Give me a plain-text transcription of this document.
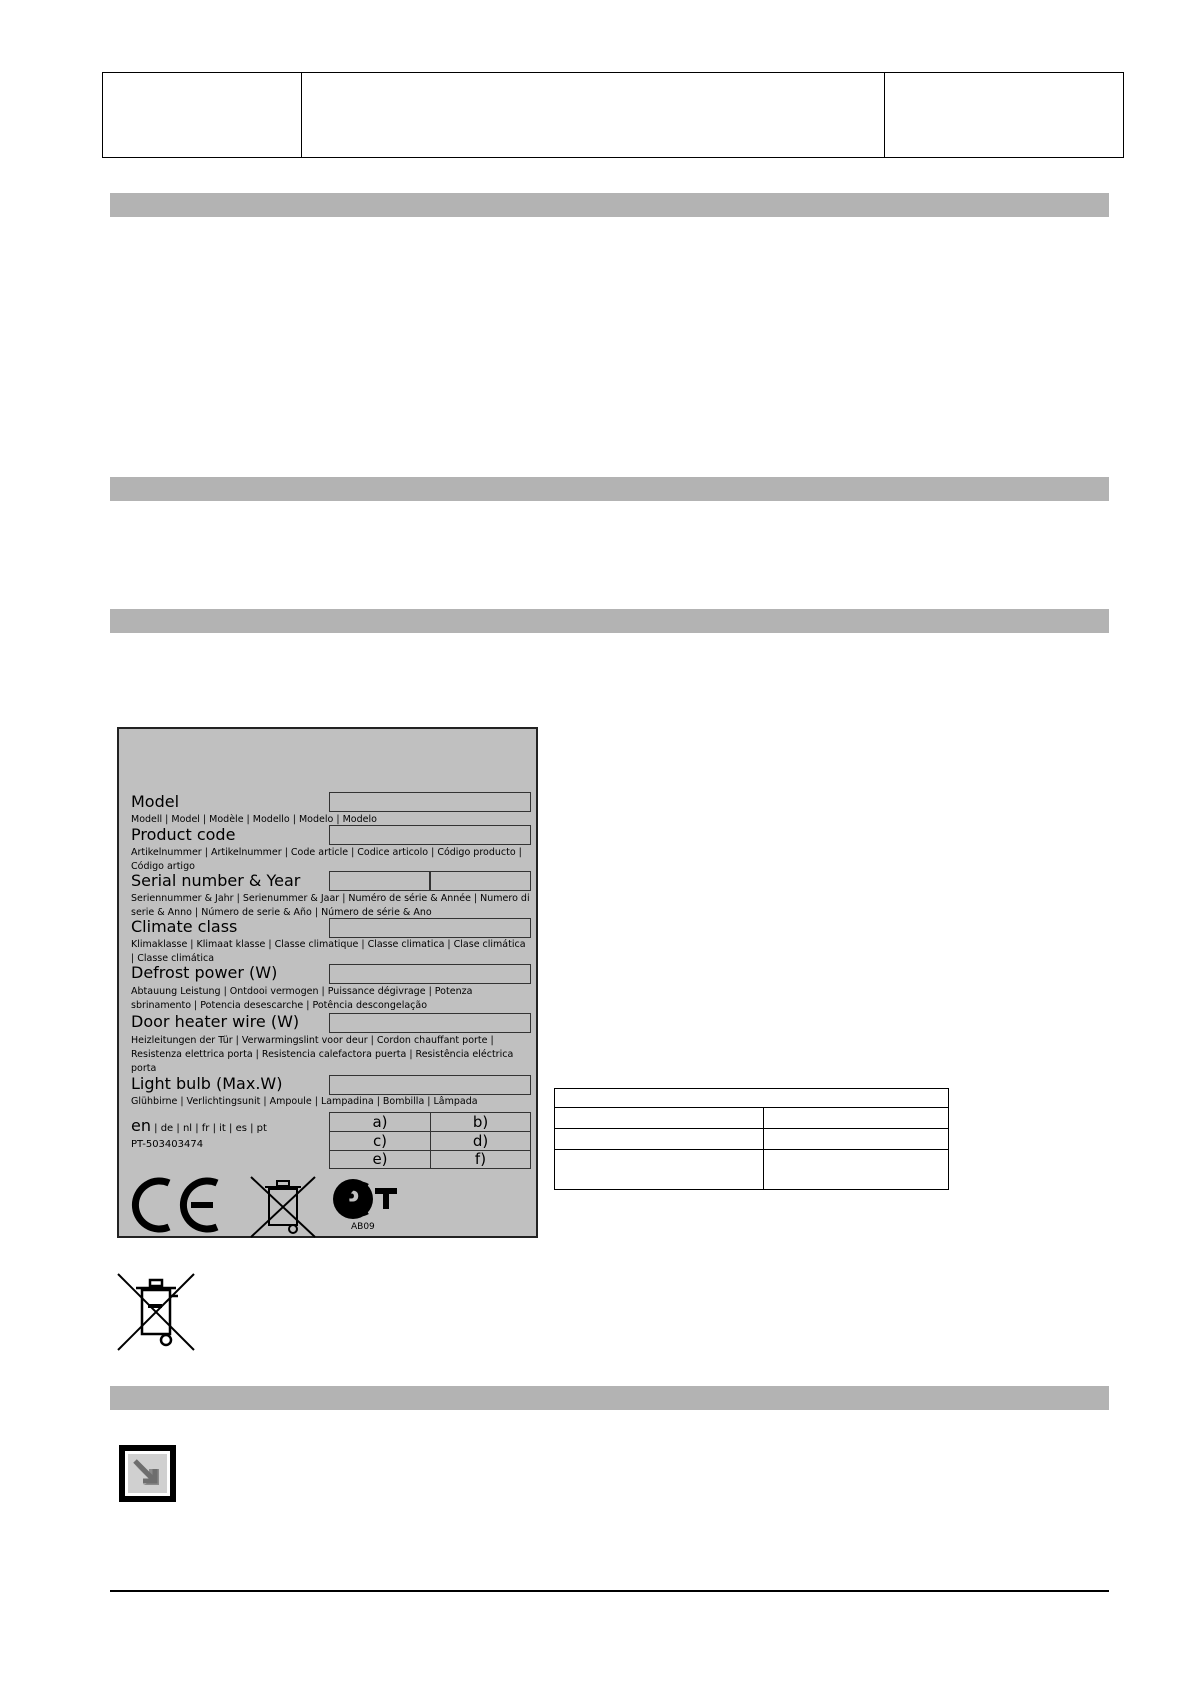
Model
Modell | Model | Modèle | Modello | Modelo | Modelo
Product code
Artikelnummer | Artikelnummer | Code article | Codice articolo | Código producto | Código artigo
Serial number & Year
Seriennummer & Jahr | Serienummer & Jaar | Numéro de série & Année | Numero di serie & Anno | Número de serie & Año | Número de série & Ano
Climate class
Klimaklasse | Klimaat klasse | Classe climatique | Classe climatica | Clase climática | Classe climática
Defrost power (W)
Abtauung Leistung | Ontdooi vermogen | Puissance dégivrage | Potenza sbrinamento | Potencia desescarche | Potência descongelação
Door heater wire (W)
Heizleitungen der Tür | Verwarmingslint voor deur | Cordon chauffant porte | Resistenza elettrica porta | Resistencia calefactora puerta | Resistência eléctrica porta
Light bulb (Max.W)
Glühbirne | Verlichtingsunit | Ampoule | Lampadina | Bombilla | Lâmpada
en | de | nl | fr | it | es | pt
PT-503403474
a)	b)
c)	d)
e)	f)
P
AB09
